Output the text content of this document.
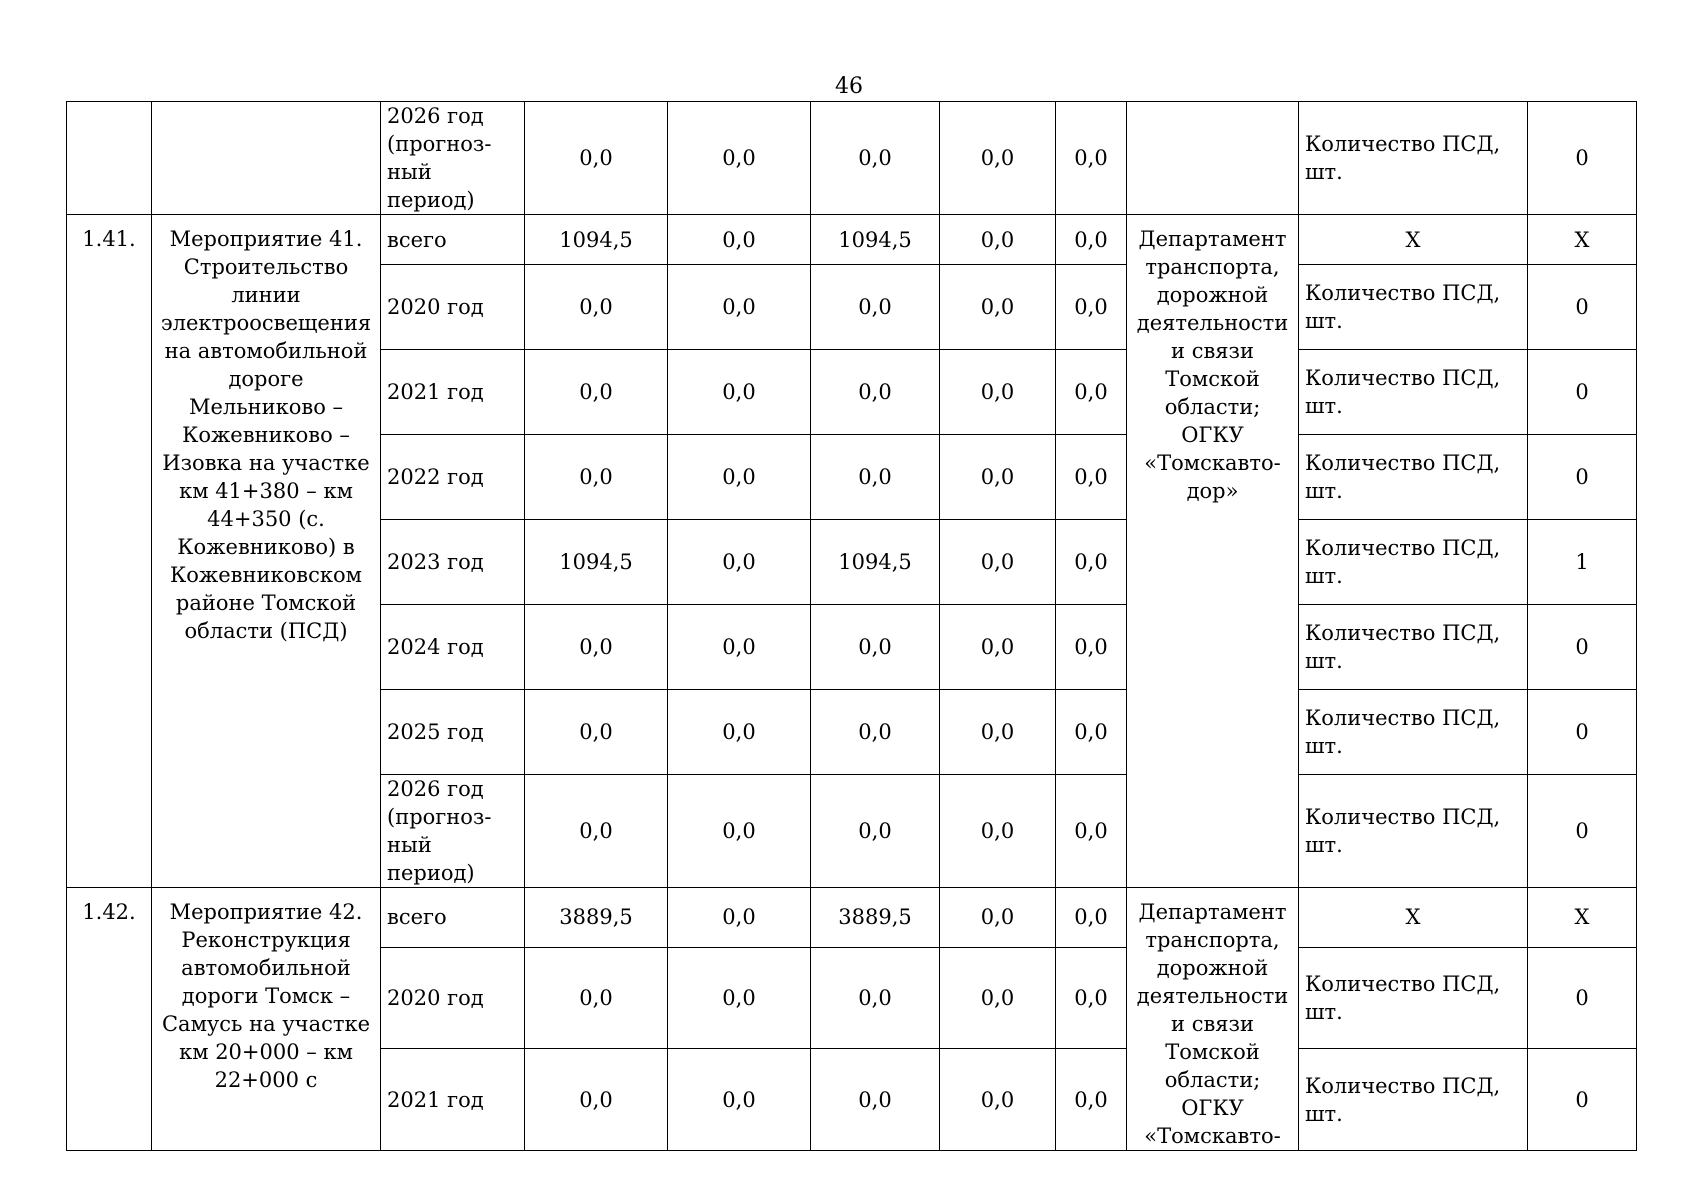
46
		2026 год (прогноз-ный период)	0,0	0,0	0,0	0,0	0,0		Количество ПСД, шт.	0
1.41.	Мероприятие 41. Строительство линии электроосвещения на автомобильной дороге Мельниково – Кожевниково – Изовка на участке км 41+380 – км 44+350 (с. Кожевниково) в Кожевниковском районе Томской области (ПСД)	всего	1094,5	0,0	1094,5	0,0	0,0	Департамент транспорта, дорожной деятельности и связи Томской области; ОГКУ «Томскавто-дор»	X	X
		2020 год	0,0	0,0	0,0	0,0	0,0		Количество ПСД, шт.	0
		2021 год	0,0	0,0	0,0	0,0	0,0		Количество ПСД, шт.	0
		2022 год	0,0	0,0	0,0	0,0	0,0		Количество ПСД, шт.	0
		2023 год	1094,5	0,0	1094,5	0,0	0,0		Количество ПСД, шт.	1
		2024 год	0,0	0,0	0,0	0,0	0,0		Количество ПСД, шт.	0
		2025 год	0,0	0,0	0,0	0,0	0,0		Количество ПСД, шт.	0
		2026 год (прогноз-ный период)	0,0	0,0	0,0	0,0	0,0		Количество ПСД, шт.	0
1.42.	Мероприятие 42. Реконструкция автомобильной дороги Томск – Самусь на участке км 20+000 – км 22+000 с	всего	3889,5	0,0	3889,5	0,0	0,0	Департамент транспорта, дорожной деятельности и связи Томской области; ОГКУ «Томскавто-	X	X
		2020 год	0,0	0,0	0,0	0,0	0,0		Количество ПСД, шт.	0
		2021 год	0,0	0,0	0,0	0,0	0,0		Количество ПСД, шт.	0
